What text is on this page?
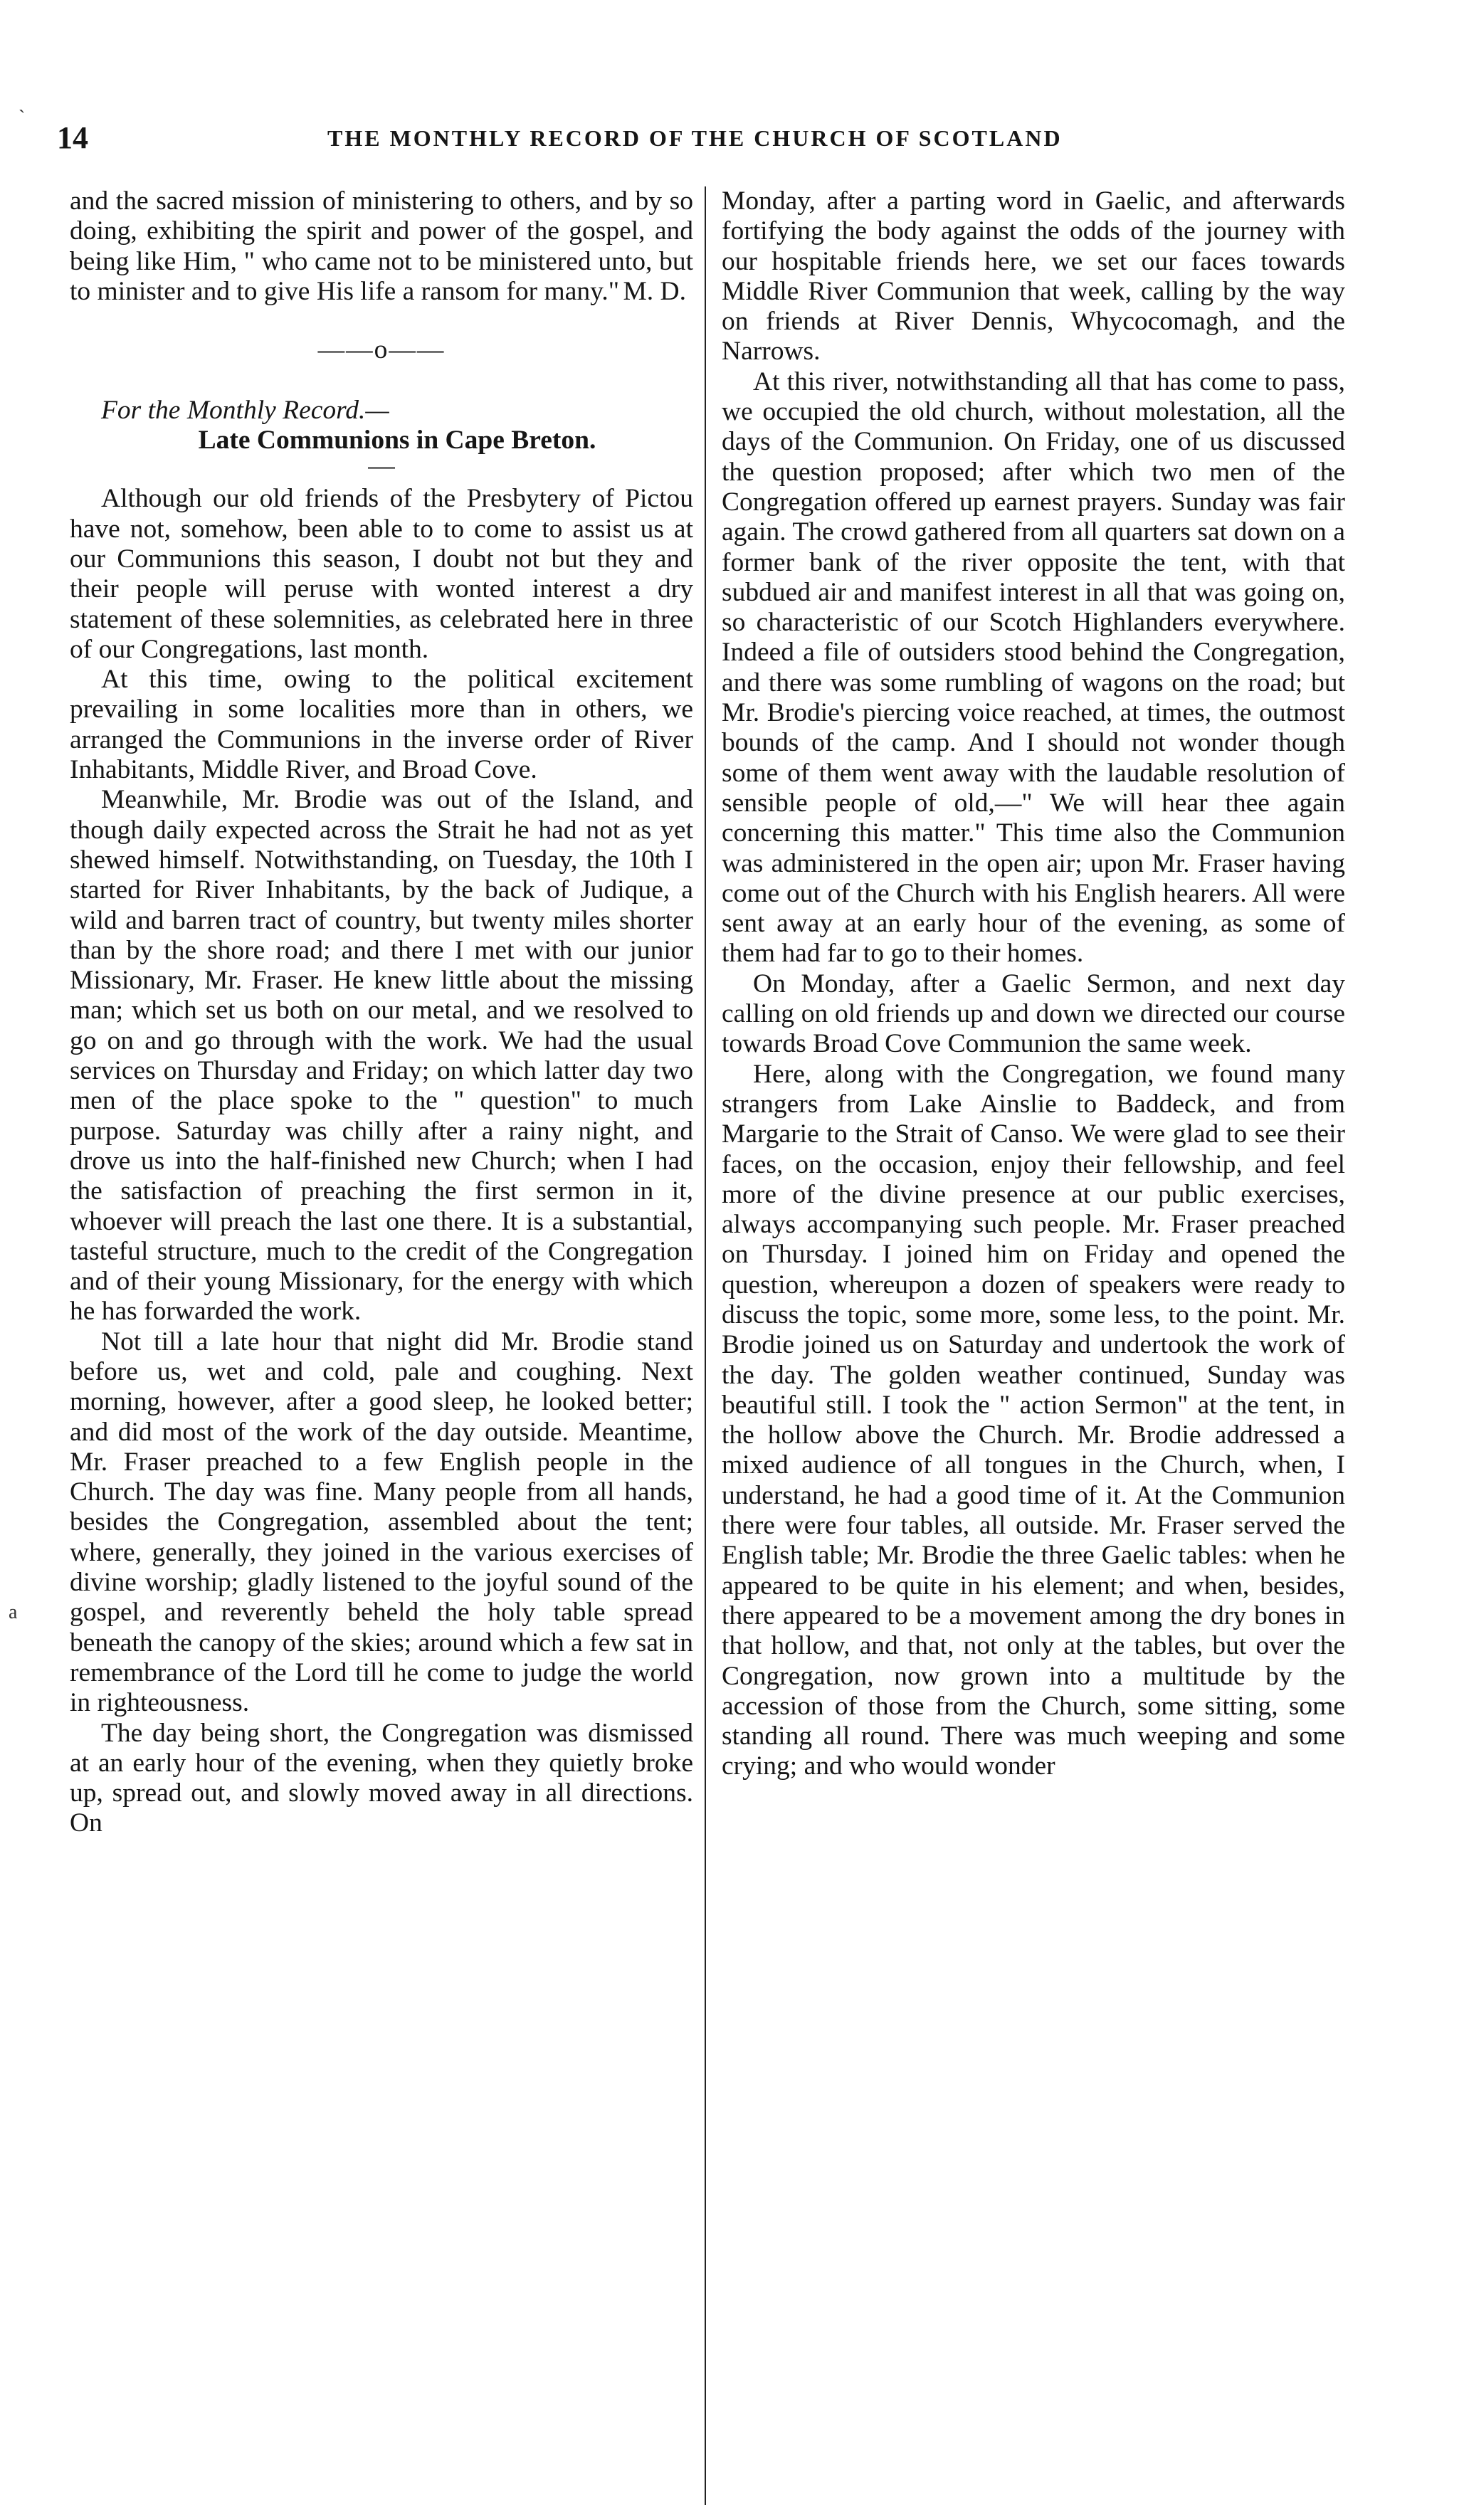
`
a
14	THE MONTHLY RECORD OF THE CHURCH OF SCOTLAND

and the sacred mission of ministering to others, and by so doing, exhibiting the spirit and power of the gospel, and being like Him, " who came not to be ministered unto, but to minister and to give His life a ransom for many." M. D.
——o——

For the Monthly Record.—

Late Communions in Cape Breton.

—

Although our old friends of the Presbytery of Pictou have not, somehow, been able to to come to assist us at our Communions this season, I doubt not but they and their people will peruse with wonted interest a dry statement of these solemnities, as celebrated here in three of our Congregations, last month.

At this time, owing to the political excitement prevailing in some localities more than in others, we arranged the Communions in the inverse order of River Inhabitants, Middle River, and Broad Cove.

Meanwhile, Mr. Brodie was out of the Island, and though daily expected across the Strait he had not as yet shewed himself. Notwithstanding, on Tuesday, the 10th I started for River Inhabitants, by the back of Judique, a wild and barren tract of country, but twenty miles shorter than by the shore road; and there I met with our junior Missionary, Mr. Fraser. He knew little about the missing man; which set us both on our metal, and we resolved to go on and go through with the work. We had the usual services on Thursday and Friday; on which latter day two men of the place spoke to the " question" to much purpose. Saturday was chilly after a rainy night, and drove us into the half-finished new Church; when I had the satisfaction of preaching the first sermon in it, whoever will preach the last one there. It is a substantial, tasteful structure, much to the credit of the Congregation and of their young Missionary, for the energy with which he has forwarded the work.

Not till a late hour that night did Mr. Brodie stand before us, wet and cold, pale and coughing. Next morning, however, after a good sleep, he looked better; and did most of the work of the day outside. Meantime, Mr. Fraser preached to a few English people in the Church. The day was fine. Many people from all hands, besides the Congregation, assembled about the tent; where, generally, they joined in the various exercises of divine worship; gladly listened to the joyful sound of the gospel, and reverently beheld the holy table spread beneath the canopy of the skies; around which a few sat in remembrance of the Lord till he come to judge the world in righteousness.

The day being short, the Congregation was dismissed at an early hour of the evening, when they quietly broke up, spread out, and slowly moved away in all directions. On

Monday, after a parting word in Gaelic, and afterwards fortifying the body against the odds of the journey with our hospitable friends here, we set our faces towards Middle River Communion that week, calling by the way on friends at River Dennis, Whycocomagh, and the Narrows.

At this river, notwithstanding all that has come to pass, we occupied the old church, without molestation, all the days of the Communion. On Friday, one of us discussed the question proposed; after which two men of the Congregation offered up earnest prayers. Sunday was fair again. The crowd gathered from all quarters sat down on a former bank of the river opposite the tent, with that subdued air and manifest interest in all that was going on, so characteristic of our Scotch Highlanders everywhere. Indeed a file of outsiders stood behind the Congregation, and there was some rumbling of wagons on the road; but Mr. Brodie's piercing voice reached, at times, the outmost bounds of the camp. And I should not wonder though some of them went away with the laudable resolution of sensible people of old,—" We will hear thee again concerning this matter." This time also the Communion was administered in the open air; upon Mr. Fraser having come out of the Church with his English hearers. All were sent away at an early hour of the evening, as some of them had far to go to their homes.

On Monday, after a Gaelic Sermon, and next day calling on old friends up and down we directed our course towards Broad Cove Communion the same week.

Here, along with the Congregation, we found many strangers from Lake Ainslie to Baddeck, and from Margarie to the Strait of Canso. We were glad to see their faces, on the occasion, enjoy their fellowship, and feel more of the divine presence at our public exercises, always accompanying such people. Mr. Fraser preached on Thursday. I joined him on Friday and opened the question, whereupon a dozen of speakers were ready to discuss the topic, some more, some less, to the point. Mr. Brodie joined us on Saturday and undertook the work of the day. The golden weather continued, Sunday was beautiful still. I took the " action Sermon" at the tent, in the hollow above the Church. Mr. Brodie addressed a mixed audience of all tongues in the Church, when, I understand, he had a good time of it. At the Communion there were four tables, all outside. Mr. Fraser served the English table; Mr. Brodie the three Gaelic tables: when he appeared to be quite in his element; and when, besides, there appeared to be a movement among the dry bones in that hollow, and that, not only at the tables, but over the Congregation, now grown into a multitude by the accession of those from the Church, some sitting, some standing all round. There was much weeping and some crying; and who would wonder
